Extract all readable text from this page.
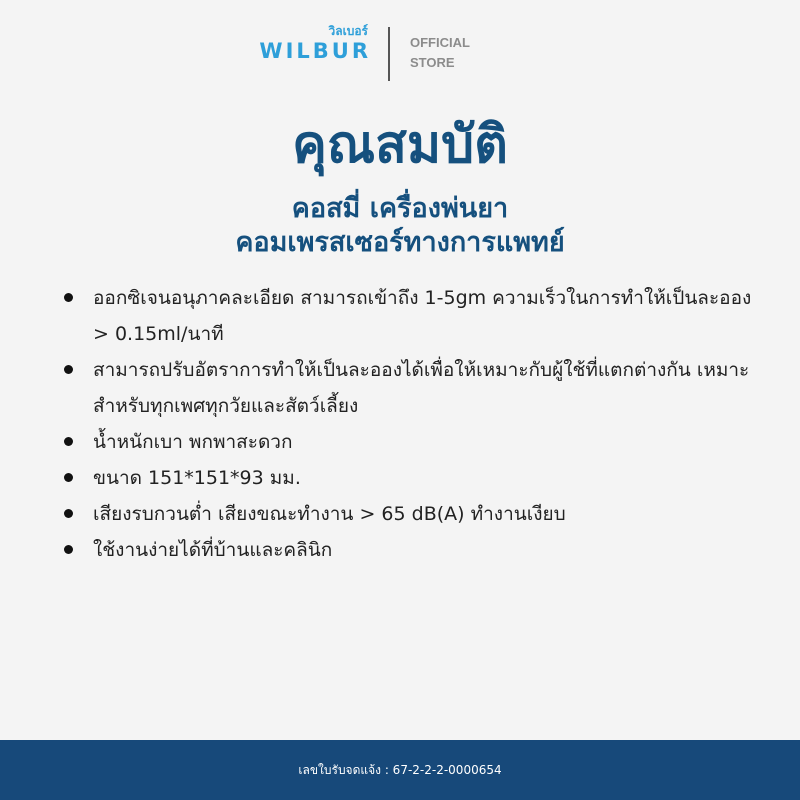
วิลเบอร์
WILBUR	OFFICIAL
STORE
คุณสมบัติ
คอสมี่ เครื่องพ่นยา
คอมเพรสเซอร์ทางการแพทย์
ออกซิเจนอนุภาคละเอียด สามารถเข้าถึง 1-5gm ความเร็วในการทำให้เป็นละออง > 0.15ml/นาที
สามารถปรับอัตราการทำให้เป็นละอองได้เพื่อให้เหมาะกับผู้ใช้ที่แตกต่างกัน เหมาะสำหรับทุกเพศทุกวัยและสัตว์เลี้ยง
น้ำหนักเบา พกพาสะดวก
ขนาด 151*151*93 มม.
เสียงรบกวนต่ำ เสียงขณะทำงาน > 65 dB(A) ทำงานเงียบ
ใช้งานง่ายได้ที่บ้านและคลินิก
เลขใบรับจดแจ้ง : 67-2-2-2-0000654
